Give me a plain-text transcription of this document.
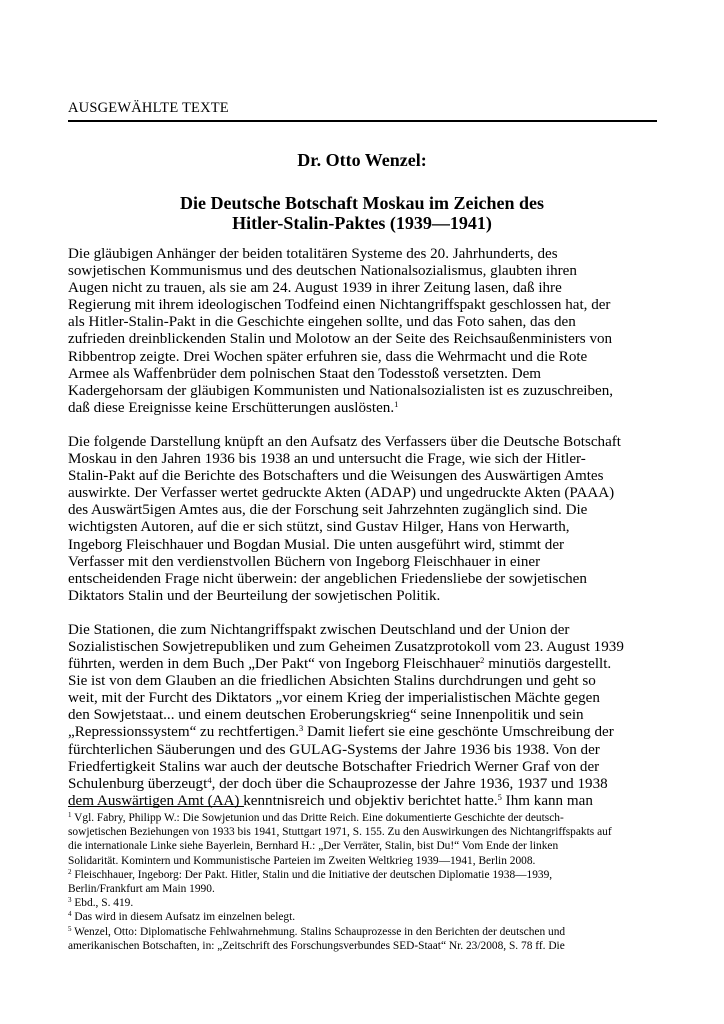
AUSGEWÄHLTE TEXTE
Dr. Otto Wenzel:
Die Deutsche Botschaft Moskau im Zeichen des
Hitler-Stalin-Paktes (1939—1941)
Die gläubigen Anhänger der beiden totalitären Systeme des 20. Jahrhunderts, des
sowjetischen Kommunismus und des deutschen Nationalsozialismus, glaubten ihren
Augen nicht zu trauen, als sie am 24. August 1939 in ihrer Zeitung lasen, daß ihre
Regierung mit ihrem ideologischen Todfeind einen Nichtangriffspakt geschlossen hat, der
als Hitler-Stalin-Pakt in die Geschichte eingehen sollte, und das Foto sahen, das den
zufrieden dreinblickenden Stalin und Molotow an der Seite des Reichsaußenministers von
Ribbentrop zeigte. Drei Wochen später erfuhren sie, dass die Wehrmacht und die Rote
Armee als Waffenbrüder dem polnischen Staat den Todesstoß versetzten. Dem
Kadergehorsam der gläubigen Kommunisten und Nationalsozialisten ist es zuzuschreiben,
daß diese Ereignisse keine Erschütterungen auslösten.$^1$
Die folgende Darstellung knüpft an den Aufsatz des Verfassers über die Deutsche Botschaft
Moskau in den Jahren 1936 bis 1938 an und untersucht die Frage, wie sich der Hitler-
Stalin-Pakt auf die Berichte des Botschafters und die Weisungen des Auswärtigen Amtes
auswirkte. Der Verfasser wertet gedruckte Akten (ADAP) und ungedruckte Akten (PAAA)
des Auswärt5igen Amtes aus, die der Forschung seit Jahrzehnten zugänglich sind. Die
wichtigsten Autoren, auf die er sich stützt, sind Gustav Hilger, Hans von Herwarth,
Ingeborg Fleischhauer und Bogdan Musial. Die unten ausgeführt wird, stimmt der
Verfasser mit den verdienstvollen Büchern von Ingeborg Fleischhauer in einer
entscheidenden Frage nicht überwein: der angeblichen Friedensliebe der sowjetischen
Diktators Stalin und der Beurteilung der sowjetischen Politik.
Die Stationen, die zum Nichtangriffspakt zwischen Deutschland und der Union der
Sozialistischen Sowjetrepubliken und zum Geheimen Zusatzprotokoll vom 23. August 1939
führten, werden in dem Buch „Der Pakt“ von Ingeborg Fleischhauer$^2$ minutiös dargestellt.
Sie ist von dem Glauben an die friedlichen Absichten Stalins durchdrungen und geht so
weit, mit der Furcht des Diktators „vor einem Krieg der imperialistischen Mächte gegen
den Sowjetstaat... und einem deutschen Eroberungskrieg“ seine Innenpolitik und sein
„Repressionssystem“ zu rechtfertigen.$^3$ Damit liefert sie eine geschönte Umschreibung der
fürchterlichen Säuberungen und des GULAG-Systems der Jahre 1936 bis 1938. Von der
Friedfertigkeit Stalins war auch der deutsche Botschafter Friedrich Werner Graf von der
Schulenburg überzeugt$^4$, der doch über die Schauprozesse der Jahre 1936, 1937 und 1938
dem Auswärtigen Amt (AA) kenntnisreich und objektiv berichtet hatte.$^5$ Ihm kann man
$^1$ Vgl. Fabry, Philipp W.: Die Sowjetunion und das Dritte Reich. Eine dokumentierte Geschichte der deutsch-
sowjetischen Beziehungen von 1933 bis 1941, Stuttgart 1971, S. 155. Zu den Auswirkungen des Nichtangriffspakts auf
die internationale Linke siehe Bayerlein, Bernhard H.: „Der Verräter, Stalin, bist Du!“ Vom Ende der linken
Solidarität. Komintern und Kommunistische Parteien im Zweiten Weltkrieg 1939—1941, Berlin 2008.
$^2$ Fleischhauer, Ingeborg: Der Pakt. Hitler, Stalin und die Initiative der deutschen Diplomatie 1938—1939,
Berlin/Frankfurt am Main 1990.
$^3$ Ebd., S. 419.
$^4$ Das wird in diesem Aufsatz im einzelnen belegt.
$^5$ Wenzel, Otto: Diplomatische Fehlwahrnehmung. Stalins Schauprozesse in den Berichten der deutschen und
amerikanischen Botschaften, in: „Zeitschrift des Forschungsverbundes SED-Staat“ Nr. 23/2008, S. 78 ff. Die
